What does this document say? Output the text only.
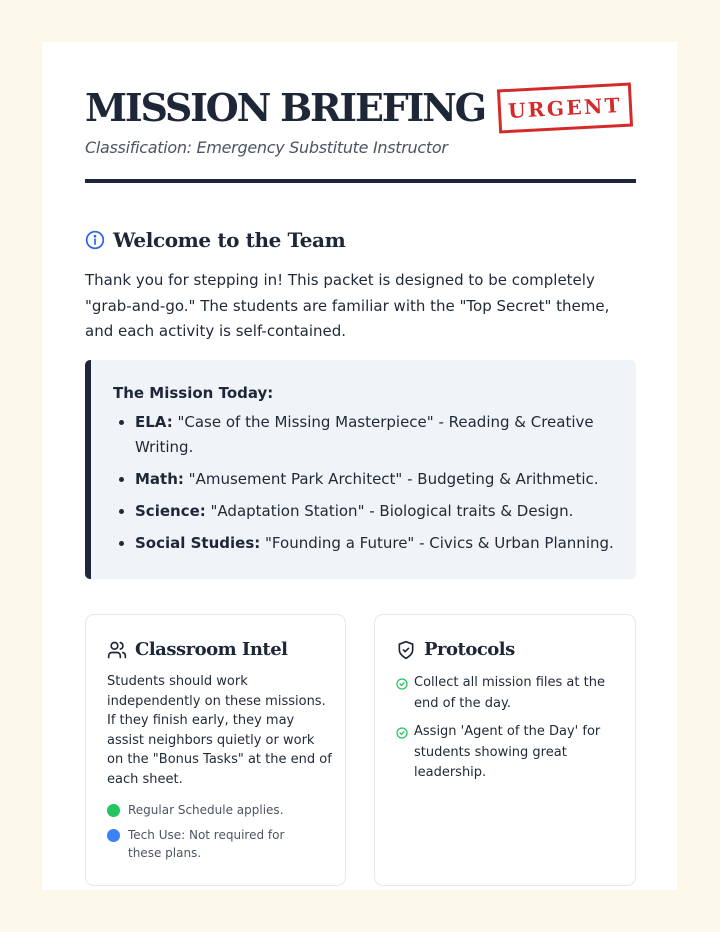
MISSION BRIEFING

Classification: Emergency Substitute Instructor

URGENT
Welcome to the Team

Thank you for stepping in! This packet is designed to be completely "grab-and-go." The students are familiar with the "Top Secret" theme, and each activity is self-contained.

The Mission Today:

• ELA: "Case of the Missing Masterpiece" - Reading & Creative Writing.
• Math: "Amusement Park Architect" - Budgeting & Arithmetic.
• Science: "Adaptation Station" - Biological traits & Design.
• Social Studies: "Founding a Future" - Civics & Urban Planning.
Classroom Intel

Students should work independently on these missions. If they finish early, they may assist neighbors quietly or work on the "Bonus Tasks" at the end of each sheet.

Regular Schedule applies.
Tech Use: Not required for these plans.
Protocols
Collect all mission files at the end of the day.
Assign 'Agent of the Day' for students showing great leadership.
